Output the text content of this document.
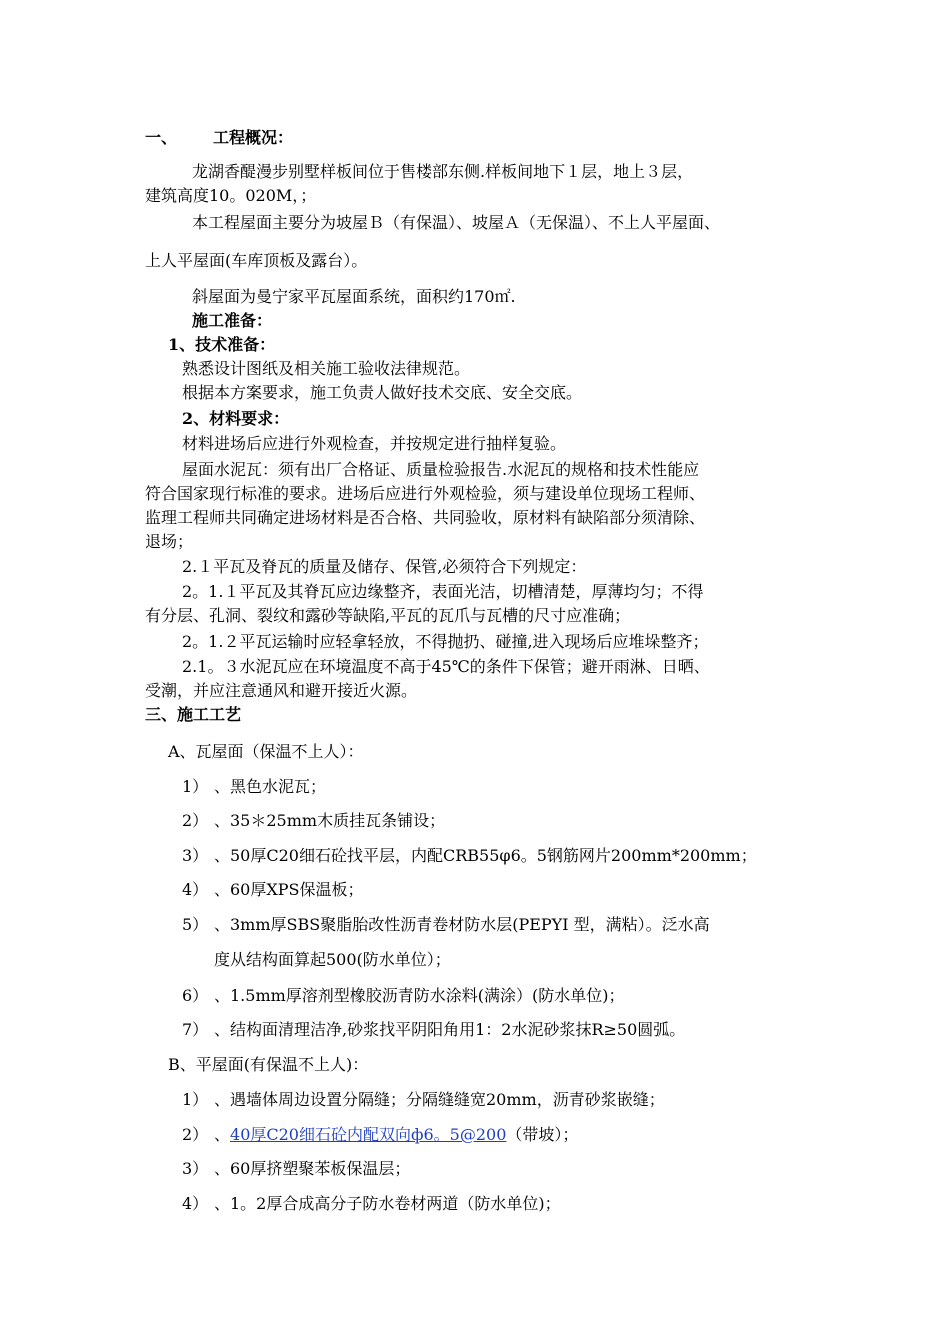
一、 工程概况：
龙湖香醍漫步别墅样板间位于售楼部东侧.样板间地下１层，地上３层，
建筑高度10。020M，；
本工程屋面主要分为坡屋Ｂ（有保温）、坡屋Ａ（无保温）、不上人平屋面、
上人平屋面(车库顶板及露台）。
斜屋面为曼宁家平瓦屋面系统，面积约170㎡.
施工准备：
1、技术准备：
熟悉设计图纸及相关施工验收法律规范。
根据本方案要求，施工负责人做好技术交底、安全交底。
2、材料要求：
材料进场后应进行外观检查，并按规定进行抽样复验。
屋面水泥瓦：须有出厂合格证、质量检验报告.水泥瓦的规格和技术性能应
符合国家现行标准的要求。进场后应进行外观检验，须与建设单位现场工程师、
监理工程师共同确定进场材料是否合格、共同验收，原材料有缺陷部分须清除、
退场；
2.１平瓦及脊瓦的质量及储存、保管,必须符合下列规定：
2。1.１平瓦及其脊瓦应边缘整齐，表面光洁，切槽清楚，厚薄均匀；不得
有分层、孔洞、裂纹和露砂等缺陷,平瓦的瓦爪与瓦槽的尺寸应准确；
2。1.２平瓦运输时应轻拿轻放，不得抛扔、碰撞,进入现场后应堆垛整齐；
2.1。３水泥瓦应在环境温度不高于45℃的条件下保管；避开雨淋、日晒、
受潮，并应注意通风和避开接近火源。
三、施工工艺
A、瓦屋面（保温不上人）：
1） 、黑色水泥瓦；
2） 、35＊25mm木质挂瓦条铺设；
3） 、50厚C20细石砼找平层，内配CRB55φ6。5钢筋网片200mm*200mm；
4） 、60厚XPS保温板；
5） 、3mm厚SBS聚脂胎改性沥青卷材防水层(PEPYⅠ 型，满粘）。泛水高
度从结构面算起500(防水单位）；
6） 、1.5mm厚溶剂型橡胶沥青防水涂料(满涂）(防水单位)；
7） 、结构面清理洁净,砂浆找平阴阳角用1：2水泥砂浆抹R≥50圆弧。
B、平屋面(有保温不上人)：
1） 、遇墙体周边设置分隔缝；分隔缝缝宽20mm，沥青砂浆嵌缝；
2） 、40厚C20细石砼内配双向ф6。5@200（带坡）；
3） 、60厚挤塑聚苯板保温层；
4） 、1。2厚合成高分子防水卷材两道（防水单位)；
